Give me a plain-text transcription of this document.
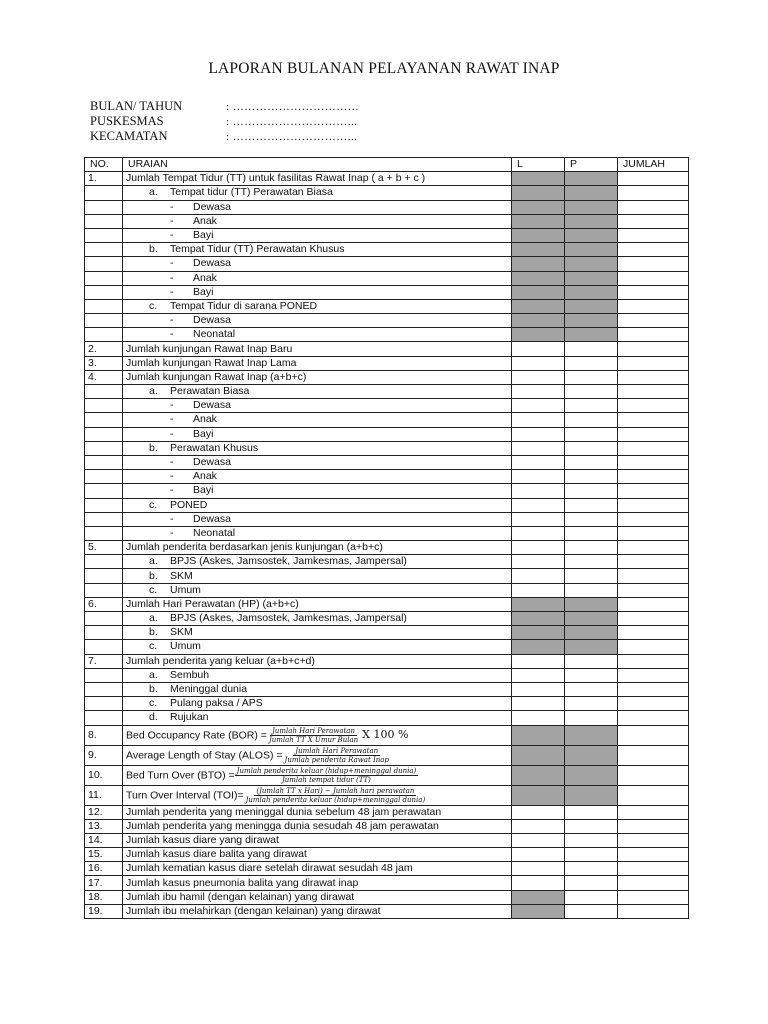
LAPORAN BULANAN PELAYANAN RAWAT INAP
BULAN/ TAHUN	: ……………………………
PUSKESMAS	: …………………………...
KECAMATAN	: …………………………...
NO.	URAIAN	L	P	JUMLAH
1.	Jumlah Tempat Tidur (TT) untuk fasilitas Rawat Inap ( a + b + c )			
	a. Tempat tidur (TT) Perawatan Biasa			
	- Dewasa			
	- Anak			
	- Bayi			
	b. Tempat Tidur (TT) Perawatan Khusus			
	- Dewasa			
	- Anak			
	- Bayi			
	c. Tempat Tidur di sarana PONED			
	- Dewasa			
	- Neonatal			
2.	Jumlah kunjungan Rawat Inap Baru			
3.	Jumlah kunjungan Rawat Inap Lama			
4.	Jumlah kunjungan Rawat Inap (a+b+c)			
	a. Perawatan Biasa			
	- Dewasa			
	- Anak			
	- Bayi			
	b. Perawatan Khusus			
	- Dewasa			
	- Anak			
	- Bayi			
	c. PONED			
	- Dewasa			
	- Neonatal			
5.	Jumlah penderita berdasarkan jenis kunjungan (a+b+c)			
	a. BPJS (Askes, Jamsostek, Jamkesmas, Jampersal)			
	b. SKM			
	c. Umum			
6.	Jumlah Hari Perawatan (HP) (a+b+c)			
	a. BPJS (Askes, Jamsostek, Jamkesmas, Jampersal)			
	b. SKM			
	c. Umum			
7.	Jumlah penderita yang keluar (a+b+c+d)			
	a. Sembuh			
	b. Meninggal dunia			
	c. Pulang paksa / APS			
	d. Rujukan			
8.	Bed Occupancy Rate $(BOR) = \frac{\text{Jumlah Hari Perawatan}}{\text{Jumlah TT X Umur Bulan}}$ X 100 %			
9.	Average Length of Stay (ALOS) = $\frac{\text{Jumlah Hari Perawatan}}{\text{Jumlah penderita Rawat Inap}}$

10.	Bed Turn Over $(BTO) = \frac{\text{Jumlah penderita keluar (hidup+meninggal dunia)}}{\text{Jumlah tempat tidur (TT)}}$

11.	Turn Over Interval $(TOI)= \frac{\text{(Jumlah TT x Hari) − Jumlah hari perawatan}}{\text{Jumlah penderita keluar (hidup+meninggal dunia)}}$

12.	Jumlah penderita yang meninggal dunia sebelum 48 jam perawatan			
13.	Jumlah penderita yang meningga dunia sesudah 48 jam perawatan			
14.	Jumlah kasus diare yang dirawat			
15.	Jumlah kasus diare balita yang dirawat			
16.	Jumlah kematian kasus diare setelah dirawat sesudah 48 jam			
17.	Jumlah kasus pneumonia balita yang dirawat inap			
18.	Jumlah ibu hamil (dengan kelainan) yang dirawat			
19.	Jumlah ibu melahirkan (dengan kelainan) yang dirawat			
